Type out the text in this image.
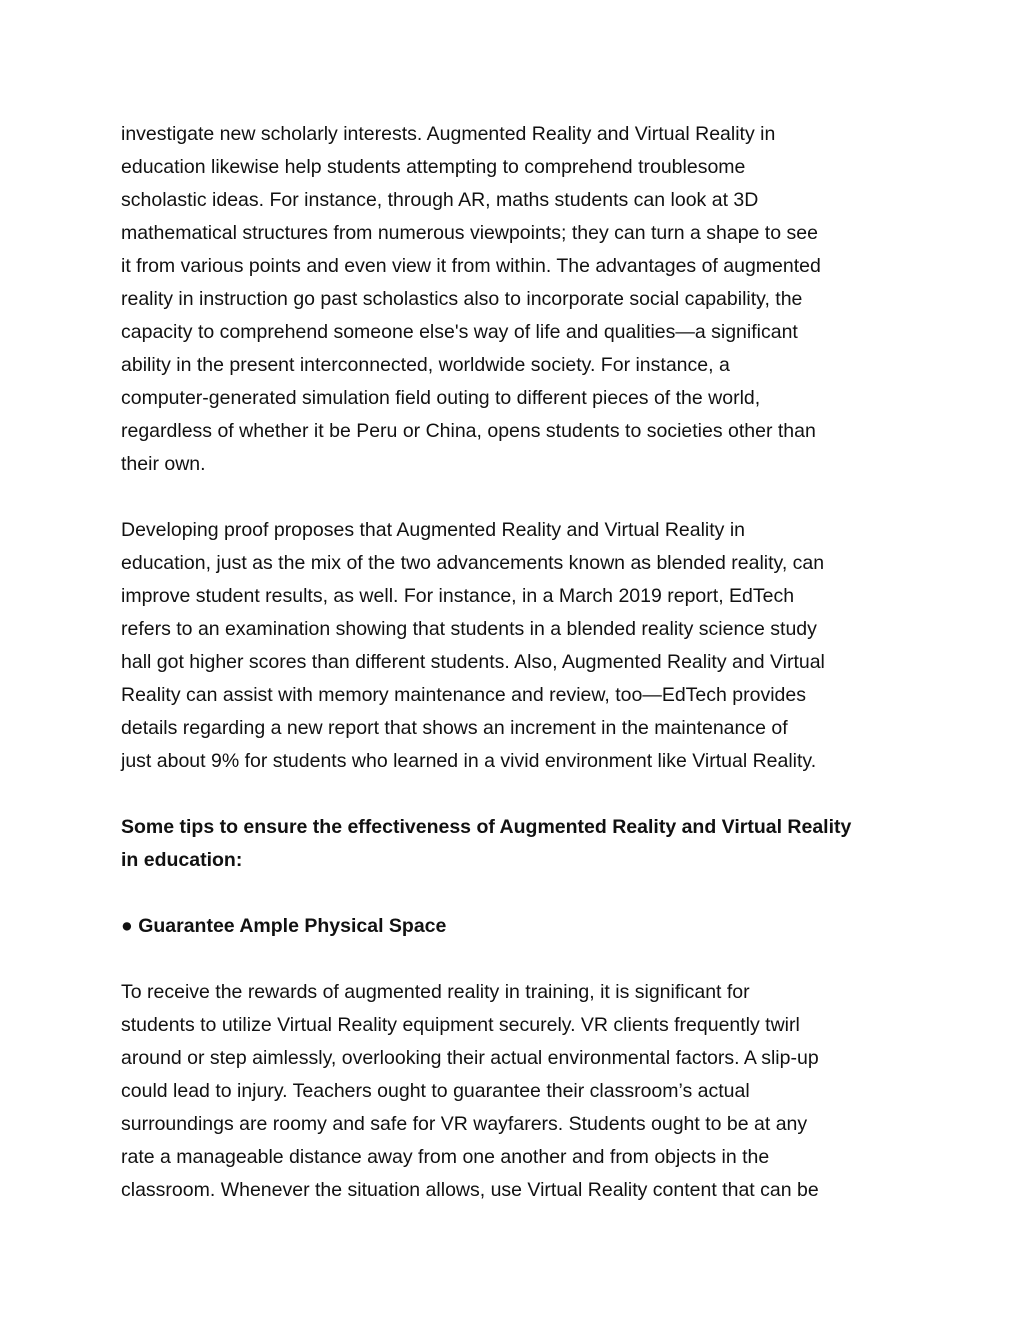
investigate new scholarly interests. Augmented Reality and Virtual Reality in
education likewise help students attempting to comprehend troublesome
scholastic ideas. For instance, through AR, maths students can look at 3D
mathematical structures from numerous viewpoints; they can turn a shape to see
it from various points and even view it from within. The advantages of augmented
reality in instruction go past scholastics also to incorporate social capability, the
capacity to comprehend someone else's way of life and qualities—a significant
ability in the present interconnected, worldwide society. For instance, a
computer-generated simulation field outing to different pieces of the world,
regardless of whether it be Peru or China, opens students to societies other than
their own.
Developing proof proposes that Augmented Reality and Virtual Reality in
education, just as the mix of the two advancements known as blended reality, can
improve student results, as well. For instance, in a March 2019 report, EdTech
refers to an examination showing that students in a blended reality science study
hall got higher scores than different students. Also, Augmented Reality and Virtual
Reality can assist with memory maintenance and review, too—EdTech provides
details regarding a new report that shows an increment in the maintenance of
just about 9% for students who learned in a vivid environment like Virtual Reality.
Some tips to ensure the effectiveness of Augmented Reality and Virtual Reality
in education:
● Guarantee Ample Physical Space
To receive the rewards of augmented reality in training, it is significant for
students to utilize Virtual Reality equipment securely. VR clients frequently twirl
around or step aimlessly, overlooking their actual environmental factors. A slip-up
could lead to injury. Teachers ought to guarantee their classroom’s actual
surroundings are roomy and safe for VR wayfarers. Students ought to be at any
rate a manageable distance away from one another and from objects in the
classroom. Whenever the situation allows, use Virtual Reality content that can be
